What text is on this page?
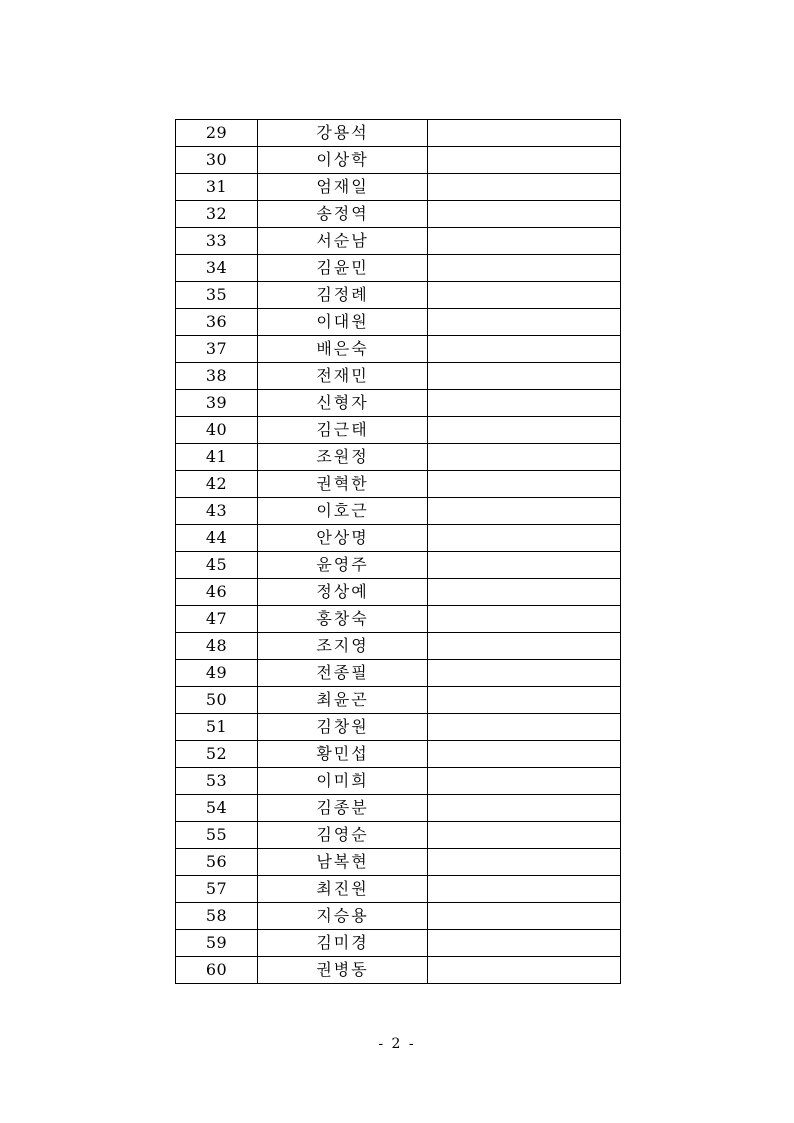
29	강용석	
30	이상학	
31	엄재일	
32	송정역	
33	서순남	
34	김윤민	
35	김정례	
36	이대원	
37	배은숙	
38	전재민	
39	신형자	
40	김근태	
41	조원정	
42	권혁한	
43	이호근	
44	안상명	
45	윤영주	
46	정상예	
47	홍창숙	
48	조지영	
49	전종필	
50	최윤곤	
51	김창원	
52	황민섭	
53	이미희	
54	김종분	
55	김영순	
56	남복현	
57	최진원	
58	지승용	
59	김미경	
60	권병동	
- 2 -
